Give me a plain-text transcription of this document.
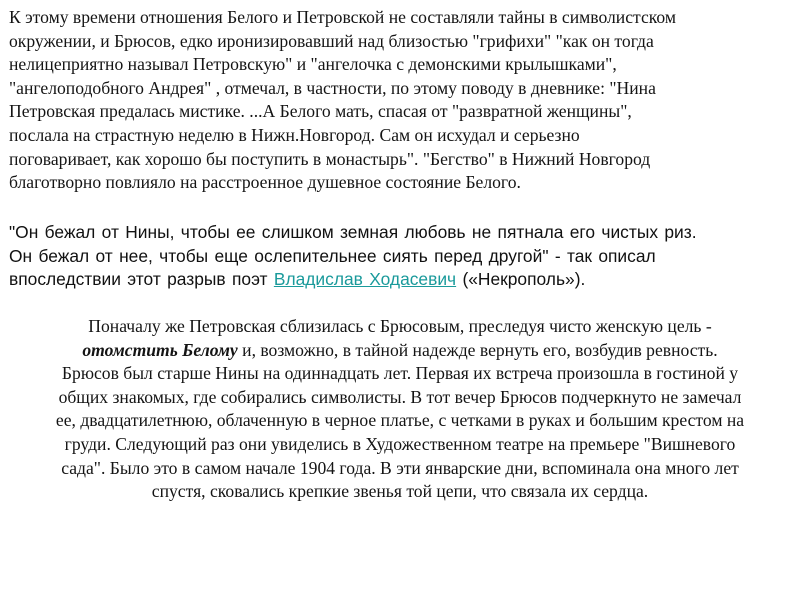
К этому времени отношения Белого и Петровской не составляли тайны в символистском
окружении, и Брюсов, едко иронизировавший над близостью "грифихи" "как он тогда
нелицеприятно называл Петровскую" и "ангелочка с демонскими крылышками",
"ангелоподобного Андрея" , отмечал, в частности, по этому поводу в дневнике: "Нина
Петровская предалась мистике. ...А Белого мать, спасая от "развратной женщины",
послала на страстную неделю в Нижн.Новгород. Сам он исхудал и серьезно
поговаривает, как хорошо бы поступить в монастырь". "Бегство" в Нижний Новгород
благотворно повлияло на расстроенное душевное состояние Белого.

"Он бежал от Нины, чтобы ее слишком земная любовь не пятнала его чистых риз.
Он бежал от нее, чтобы еще ослепительнее сиять перед другой" - так описал
впоследствии этот разрыв поэт Владислав Ходасевич («Некрополь»).

Поначалу же Петровская сблизилась с Брюсовым, преследуя чисто женскую цель -
отомстить Белому и, возможно, в тайной надежде вернуть его, возбудив ревность.
Брюсов был старше Нины на одиннадцать лет. Первая их встреча произошла в гостиной у
общих знакомых, где собирались символисты. В тот вечер Брюсов подчеркнуто не замечал
ее, двадцатилетнюю, облаченную в черное платье, с четками в руках и большим крестом на
груди. Следующий раз они увиделись в Художественном театре на премьере "Вишневого
сада". Было это в самом начале 1904 года. В эти январские дни, вспоминала она много лет
спустя, сковались крепкие звенья той цепи, что связала их сердца.
